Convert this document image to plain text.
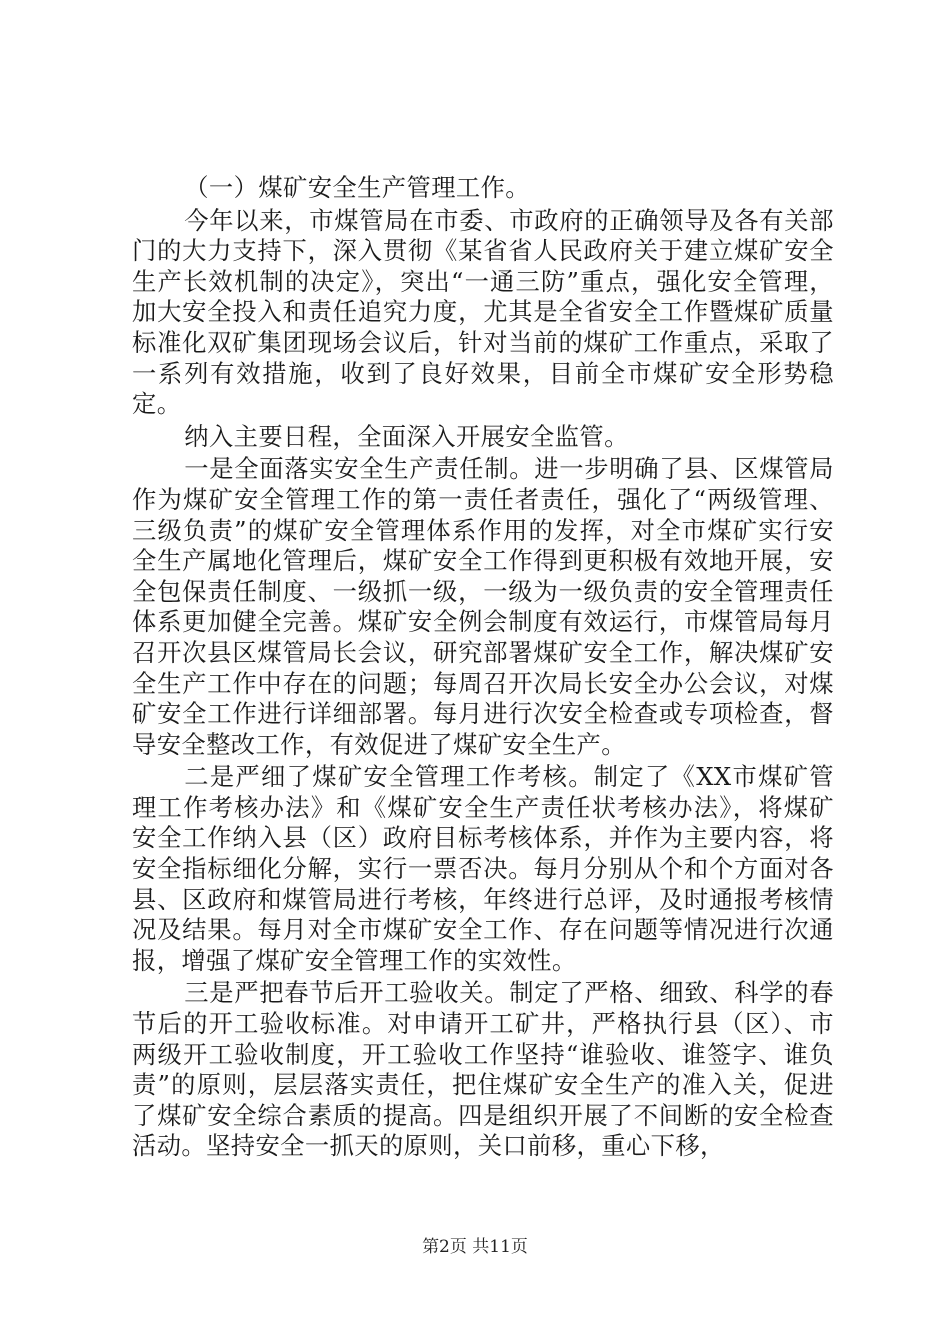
（一）煤矿安全生产管理工作。

今年以来，市煤管局在市委、市政府的正确领导及各有关部门的大力支持下，深入贯彻《某省省人民政府关于建立煤矿安全生产长效机制的决定》，突出“一通三防”重点，强化安全管理，加大安全投入和责任追究力度，尤其是全省安全工作暨煤矿质量标准化双矿集团现场会议后，针对当前的煤矿工作重点，采取了一系列有效措施，收到了良好效果，目前全市煤矿安全形势稳定。

纳入主要日程，全面深入开展安全监管。

一是全面落实安全生产责任制。进一步明确了县、区煤管局作为煤矿安全管理工作的第一责任者责任，强化了“两级管理、三级负责”的煤矿安全管理体系作用的发挥，对全市煤矿实行安全生产属地化管理后，煤矿安全工作得到更积极有效地开展，安全包保责任制度、一级抓一级，一级为一级负责的安全管理责任体系更加健全完善。煤矿安全例会制度有效运行，市煤管局每月召开次县区煤管局长会议，研究部署煤矿安全工作，解决煤矿安全生产工作中存在的问题；每周召开次局长安全办公会议，对煤矿安全工作进行详细部署。每月进行次安全检查或专项检查，督导安全整改工作，有效促进了煤矿安全生产。

二是严细了煤矿安全管理工作考核。制定了《XX市煤矿管理工作考核办法》和《煤矿安全生产责任状考核办法》，将煤矿安全工作纳入县（区）政府目标考核体系，并作为主要内容，将安全指标细化分解，实行一票否决。每月分别从个和个方面对各县、区政府和煤管局进行考核，年终进行总评，及时通报考核情况及结果。每月对全市煤矿安全工作、存在问题等情况进行次通报，增强了煤矿安全管理工作的实效性。

三是严把春节后开工验收关。制定了严格、细致、科学的春节后的开工验收标准。对申请开工矿井，严格执行县（区）、市两级开工验收制度，开工验收工作坚持“谁验收、谁签字、谁负责”的原则，层层落实责任，把住煤矿安全生产的准入关，促进了煤矿安全综合素质的提高。四是组织开展了不间断的安全检查活动。坚持安全一抓天的原则，关口前移，重心下移，

第2页 共11页
